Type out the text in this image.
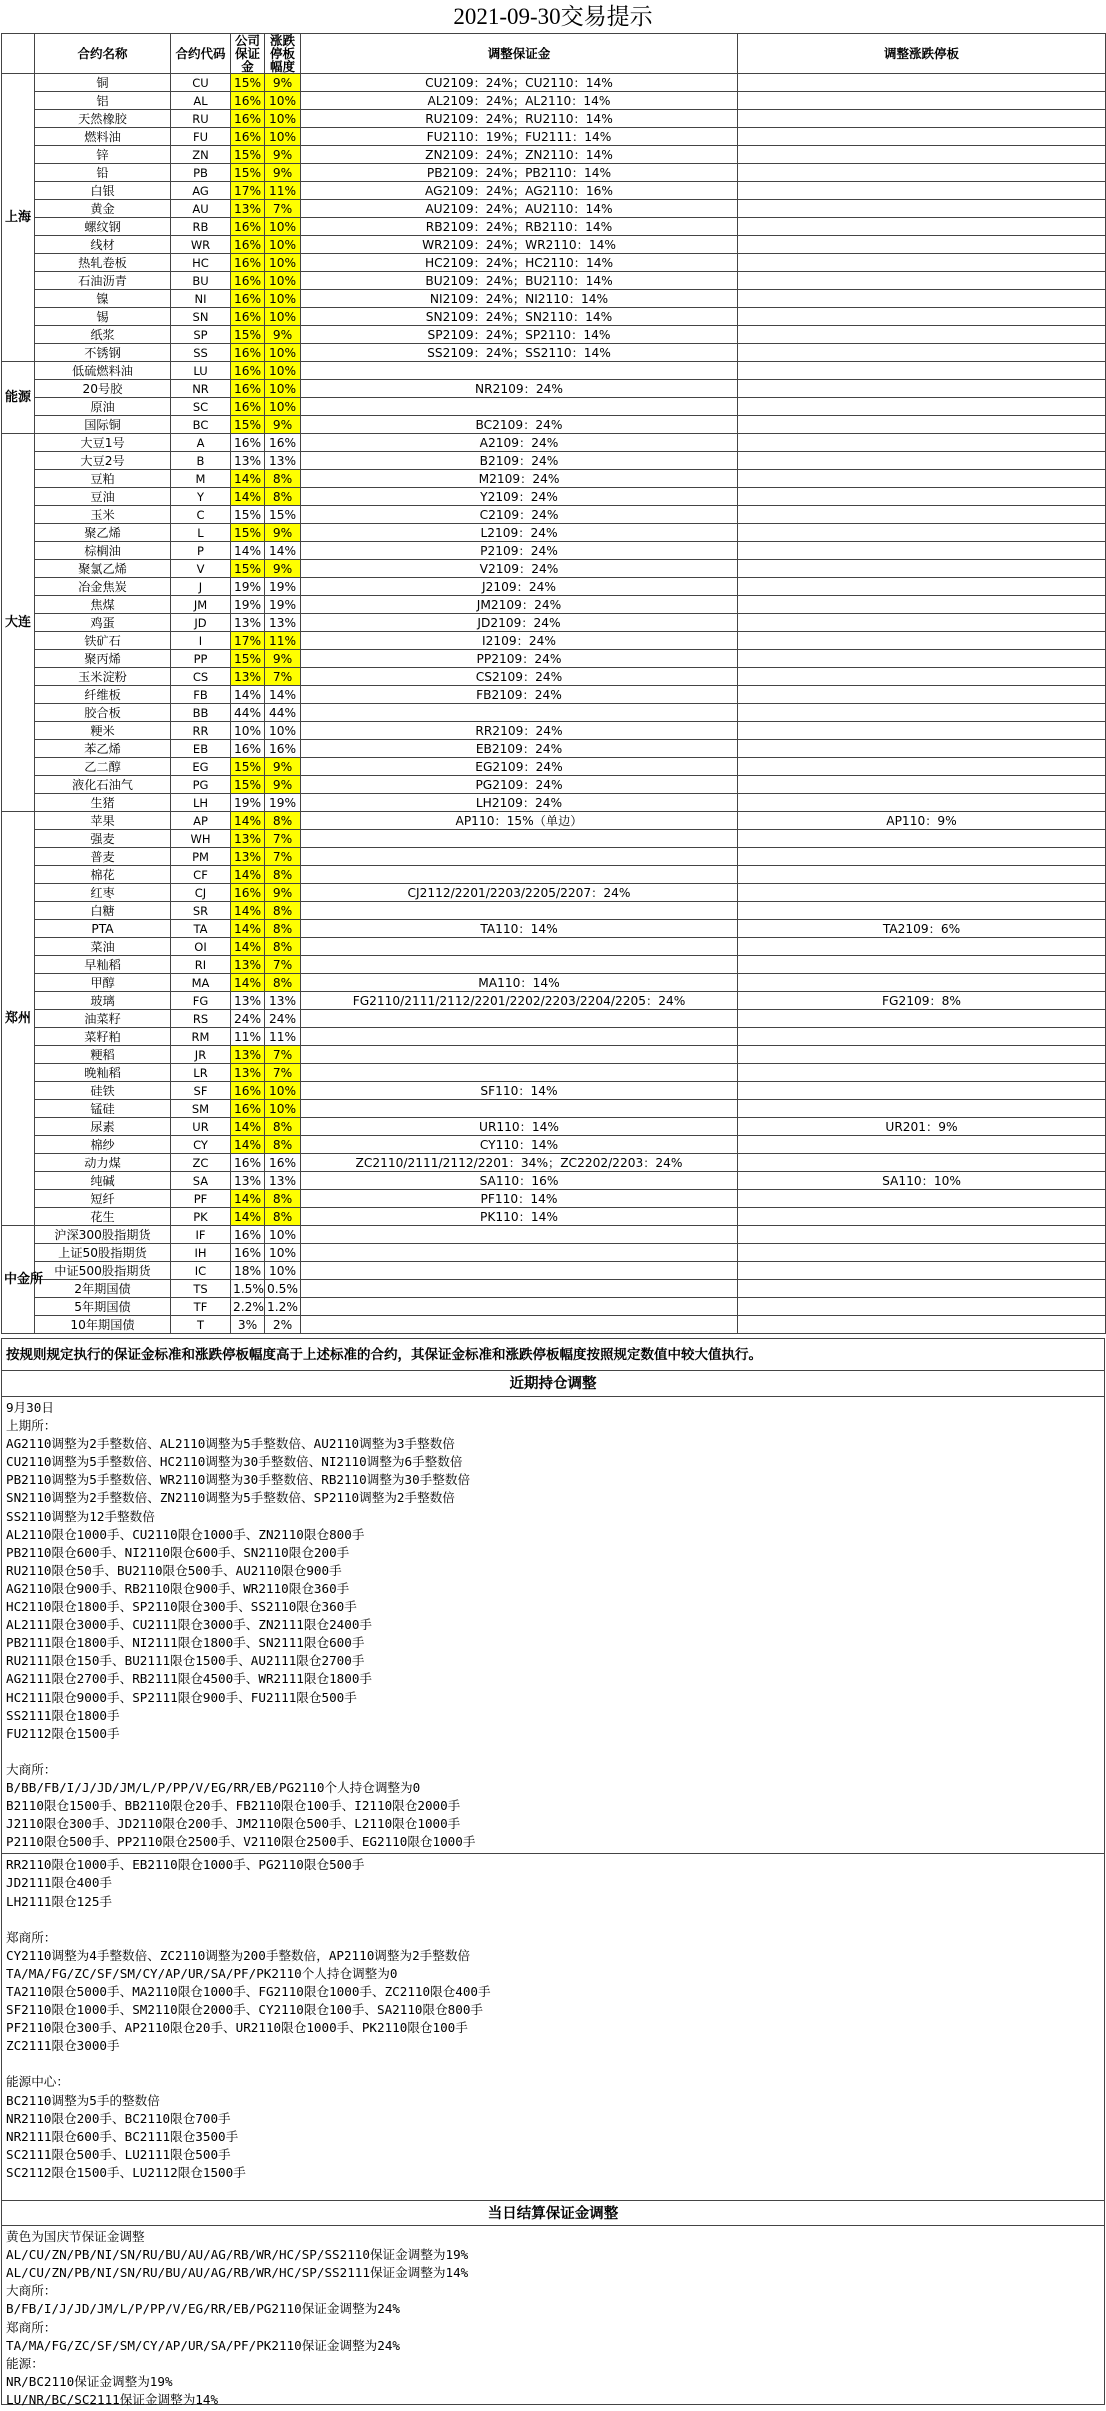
2021-09-30交易提示
	合约名称	合约代码	公司保证金	涨跌停板幅度	调整保证金	调整涨跌停板
上海	铜	CU	15%	9%	CU2109：24%；CU2110：14%	
	铝	AL	16%	10%	AL2109：24%；AL2110：14%	
	天然橡胶	RU	16%	10%	RU2109：24%；RU2110：14%	
	燃料油	FU	16%	10%	FU2110：19%；FU2111：14%	
	锌	ZN	15%	9%	ZN2109：24%；ZN2110：14%	
	铅	PB	15%	9%	PB2109：24%；PB2110：14%	
	白银	AG	17%	11%	AG2109：24%；AG2110：16%	
	黄金	AU	13%	7%	AU2109：24%；AU2110：14%	
	螺纹钢	RB	16%	10%	RB2109：24%；RB2110：14%	
	线材	WR	16%	10%	WR2109：24%；WR2110：14%	
	热轧卷板	HC	16%	10%	HC2109：24%；HC2110：14%	
	石油沥青	BU	16%	10%	BU2109：24%；BU2110：14%	
	镍	NI	16%	10%	NI2109：24%；NI2110：14%	
	锡	SN	16%	10%	SN2109：24%；SN2110：14%	
	纸浆	SP	15%	9%	SP2109：24%；SP2110：14%	
	不锈钢	SS	16%	10%	SS2109：24%；SS2110：14%	
能源	低硫燃料油	LU	16%	10%		
	20号胶	NR	16%	10%	NR2109：24%	
	原油	SC	16%	10%		
	国际铜	BC	15%	9%	BC2109：24%	
大连	大豆1号	A	16%	16%	A2109：24%	
	大豆2号	B	13%	13%	B2109：24%	
	豆粕	M	14%	8%	M2109：24%	
	豆油	Y	14%	8%	Y2109：24%	
	玉米	C	15%	15%	C2109：24%	
	聚乙烯	L	15%	9%	L2109：24%	
	棕榈油	P	14%	14%	P2109：24%	
	聚氯乙烯	V	15%	9%	V2109：24%	
	冶金焦炭	J	19%	19%	J2109：24%	
	焦煤	JM	19%	19%	JM2109：24%	
	鸡蛋	JD	13%	13%	JD2109：24%	
	铁矿石	I	17%	11%	I2109：24%	
	聚丙烯	PP	15%	9%	PP2109：24%	
	玉米淀粉	CS	13%	7%	CS2109：24%	
	纤维板	FB	14%	14%	FB2109：24%	
	胶合板	BB	44%	44%		
	粳米	RR	10%	10%	RR2109：24%	
	苯乙烯	EB	16%	16%	EB2109：24%	
	乙二醇	EG	15%	9%	EG2109：24%	
	液化石油气	PG	15%	9%	PG2109：24%	
	生猪	LH	19%	19%	LH2109：24%	
郑州	苹果	AP	14%	8%	AP110：15%（单边）	AP110：9%
	强麦	WH	13%	7%		
	普麦	PM	13%	7%		
	棉花	CF	14%	8%		
	红枣	CJ	16%	9%	CJ2112/2201/2203/2205/2207：24%	
	白糖	SR	14%	8%		
	PTA	TA	14%	8%	TA110：14%	TA2109：6%
	菜油	OI	14%	8%		
	早籼稻	RI	13%	7%		
	甲醇	MA	14%	8%	MA110：14%	
	玻璃	FG	13%	13%	FG2110/2111/2112/2201/2202/2203/2204/2205：24%	FG2109：8%
	油菜籽	RS	24%	24%		
	菜籽粕	RM	11%	11%		
	粳稻	JR	13%	7%		
	晚籼稻	LR	13%	7%		
	硅铁	SF	16%	10%	SF110：14%	
	锰硅	SM	16%	10%		
	尿素	UR	14%	8%	UR110：14%	UR201：9%
	棉纱	CY	14%	8%	CY110：14%	
	动力煤	ZC	16%	16%	ZC2110/2111/2112/2201：34%；ZC2202/2203：24%	
	纯碱	SA	13%	13%	SA110：16%	SA110：10%
	短纤	PF	14%	8%	PF110：14%	
	花生	PK	14%	8%	PK110：14%	
中金所	沪深300股指期货	IF	16%	10%		
	上证50股指期货	IH	16%	10%		
	中证500股指期货	IC	18%	10%		
	2年期国债	TS	1.5%	0.5%		
	5年期国债	TF	2.2%	1.2%		
	10年期国债	T	3%	2%		
按规则规定执行的保证金标准和涨跌停板幅度高于上述标准的合约，其保证金标准和涨跌停板幅度按照规定数值中较大值执行。
近期持仓调整
9月30日
上期所：
AG2110调整为2手整数倍、AL2110调整为5手整数倍、AU2110调整为3手整数倍
CU2110调整为5手整数倍、HC2110调整为30手整数倍、NI2110调整为6手整数倍
PB2110调整为5手整数倍、WR2110调整为30手整数倍、RB2110调整为30手整数倍
SN2110调整为2手整数倍、ZN2110调整为5手整数倍、SP2110调整为2手整数倍
SS2110调整为12手整数倍
AL2110限仓1000手、CU2110限仓1000手、ZN2110限仓800手
PB2110限仓600手、NI2110限仓600手、SN2110限仓200手
RU2110限仓50手、BU2110限仓500手、AU2110限仓900手
AG2110限仓900手、RB2110限仓900手、WR2110限仓360手
HC2110限仓1800手、SP2110限仓300手、SS2110限仓360手
AL2111限仓3000手、CU2111限仓3000手、ZN2111限仓2400手
PB2111限仓1800手、NI2111限仓1800手、SN2111限仓600手
RU2111限仓150手、BU2111限仓1500手、AU2111限仓2700手
AG2111限仓2700手、RB2111限仓4500手、WR2111限仓1800手
HC2111限仓9000手、SP2111限仓900手、FU2111限仓500手
SS2111限仓1800手
FU2112限仓1500手
大商所：
B/BB/FB/I/J/JD/JM/L/P/PP/V/EG/RR/EB/PG2110个人持仓调整为0
B2110限仓1500手、BB2110限仓20手、FB2110限仓100手、I2110限仓2000手
J2110限仓300手、JD2110限仓200手、JM2110限仓500手、L2110限仓1000手
P2110限仓500手、PP2110限仓2500手、V2110限仓2500手、EG2110限仓1000手
RR2110限仓1000手、EB2110限仓1000手、PG2110限仓500手
JD2111限仓400手
LH2111限仓125手
郑商所：
CY2110调整为4手整数倍、ZC2110调整为200手整数倍，AP2110调整为2手整数倍
TA/MA/FG/ZC/SF/SM/CY/AP/UR/SA/PF/PK2110个人持仓调整为0
TA2110限仓5000手、MA2110限仓1000手、FG2110限仓1000手、ZC2110限仓400手
SF2110限仓1000手、SM2110限仓2000手、CY2110限仓100手、SA2110限仓800手
PF2110限仓300手、AP2110限仓20手、UR2110限仓1000手、PK2110限仓100手
ZC2111限仓3000手
能源中心：
BC2110调整为5手的整数倍
NR2110限仓200手、BC2110限仓700手
NR2111限仓600手、BC2111限仓3500手
SC2111限仓500手、LU2111限仓500手
SC2112限仓1500手、LU2112限仓1500手
当日结算保证金调整
黄色为国庆节保证金调整
AL/CU/ZN/PB/NI/SN/RU/BU/AU/AG/RB/WR/HC/SP/SS2110保证金调整为19%
AL/CU/ZN/PB/NI/SN/RU/BU/AU/AG/RB/WR/HC/SP/SS2111保证金调整为14%
大商所：
B/FB/I/J/JD/JM/L/P/PP/V/EG/RR/EB/PG2110保证金调整为24%
郑商所：
TA/MA/FG/ZC/SF/SM/CY/AP/UR/SA/PF/PK2110保证金调整为24%
能源：
NR/BC2110保证金调整为19%
LU/NR/BC/SC2111保证金调整为14%
